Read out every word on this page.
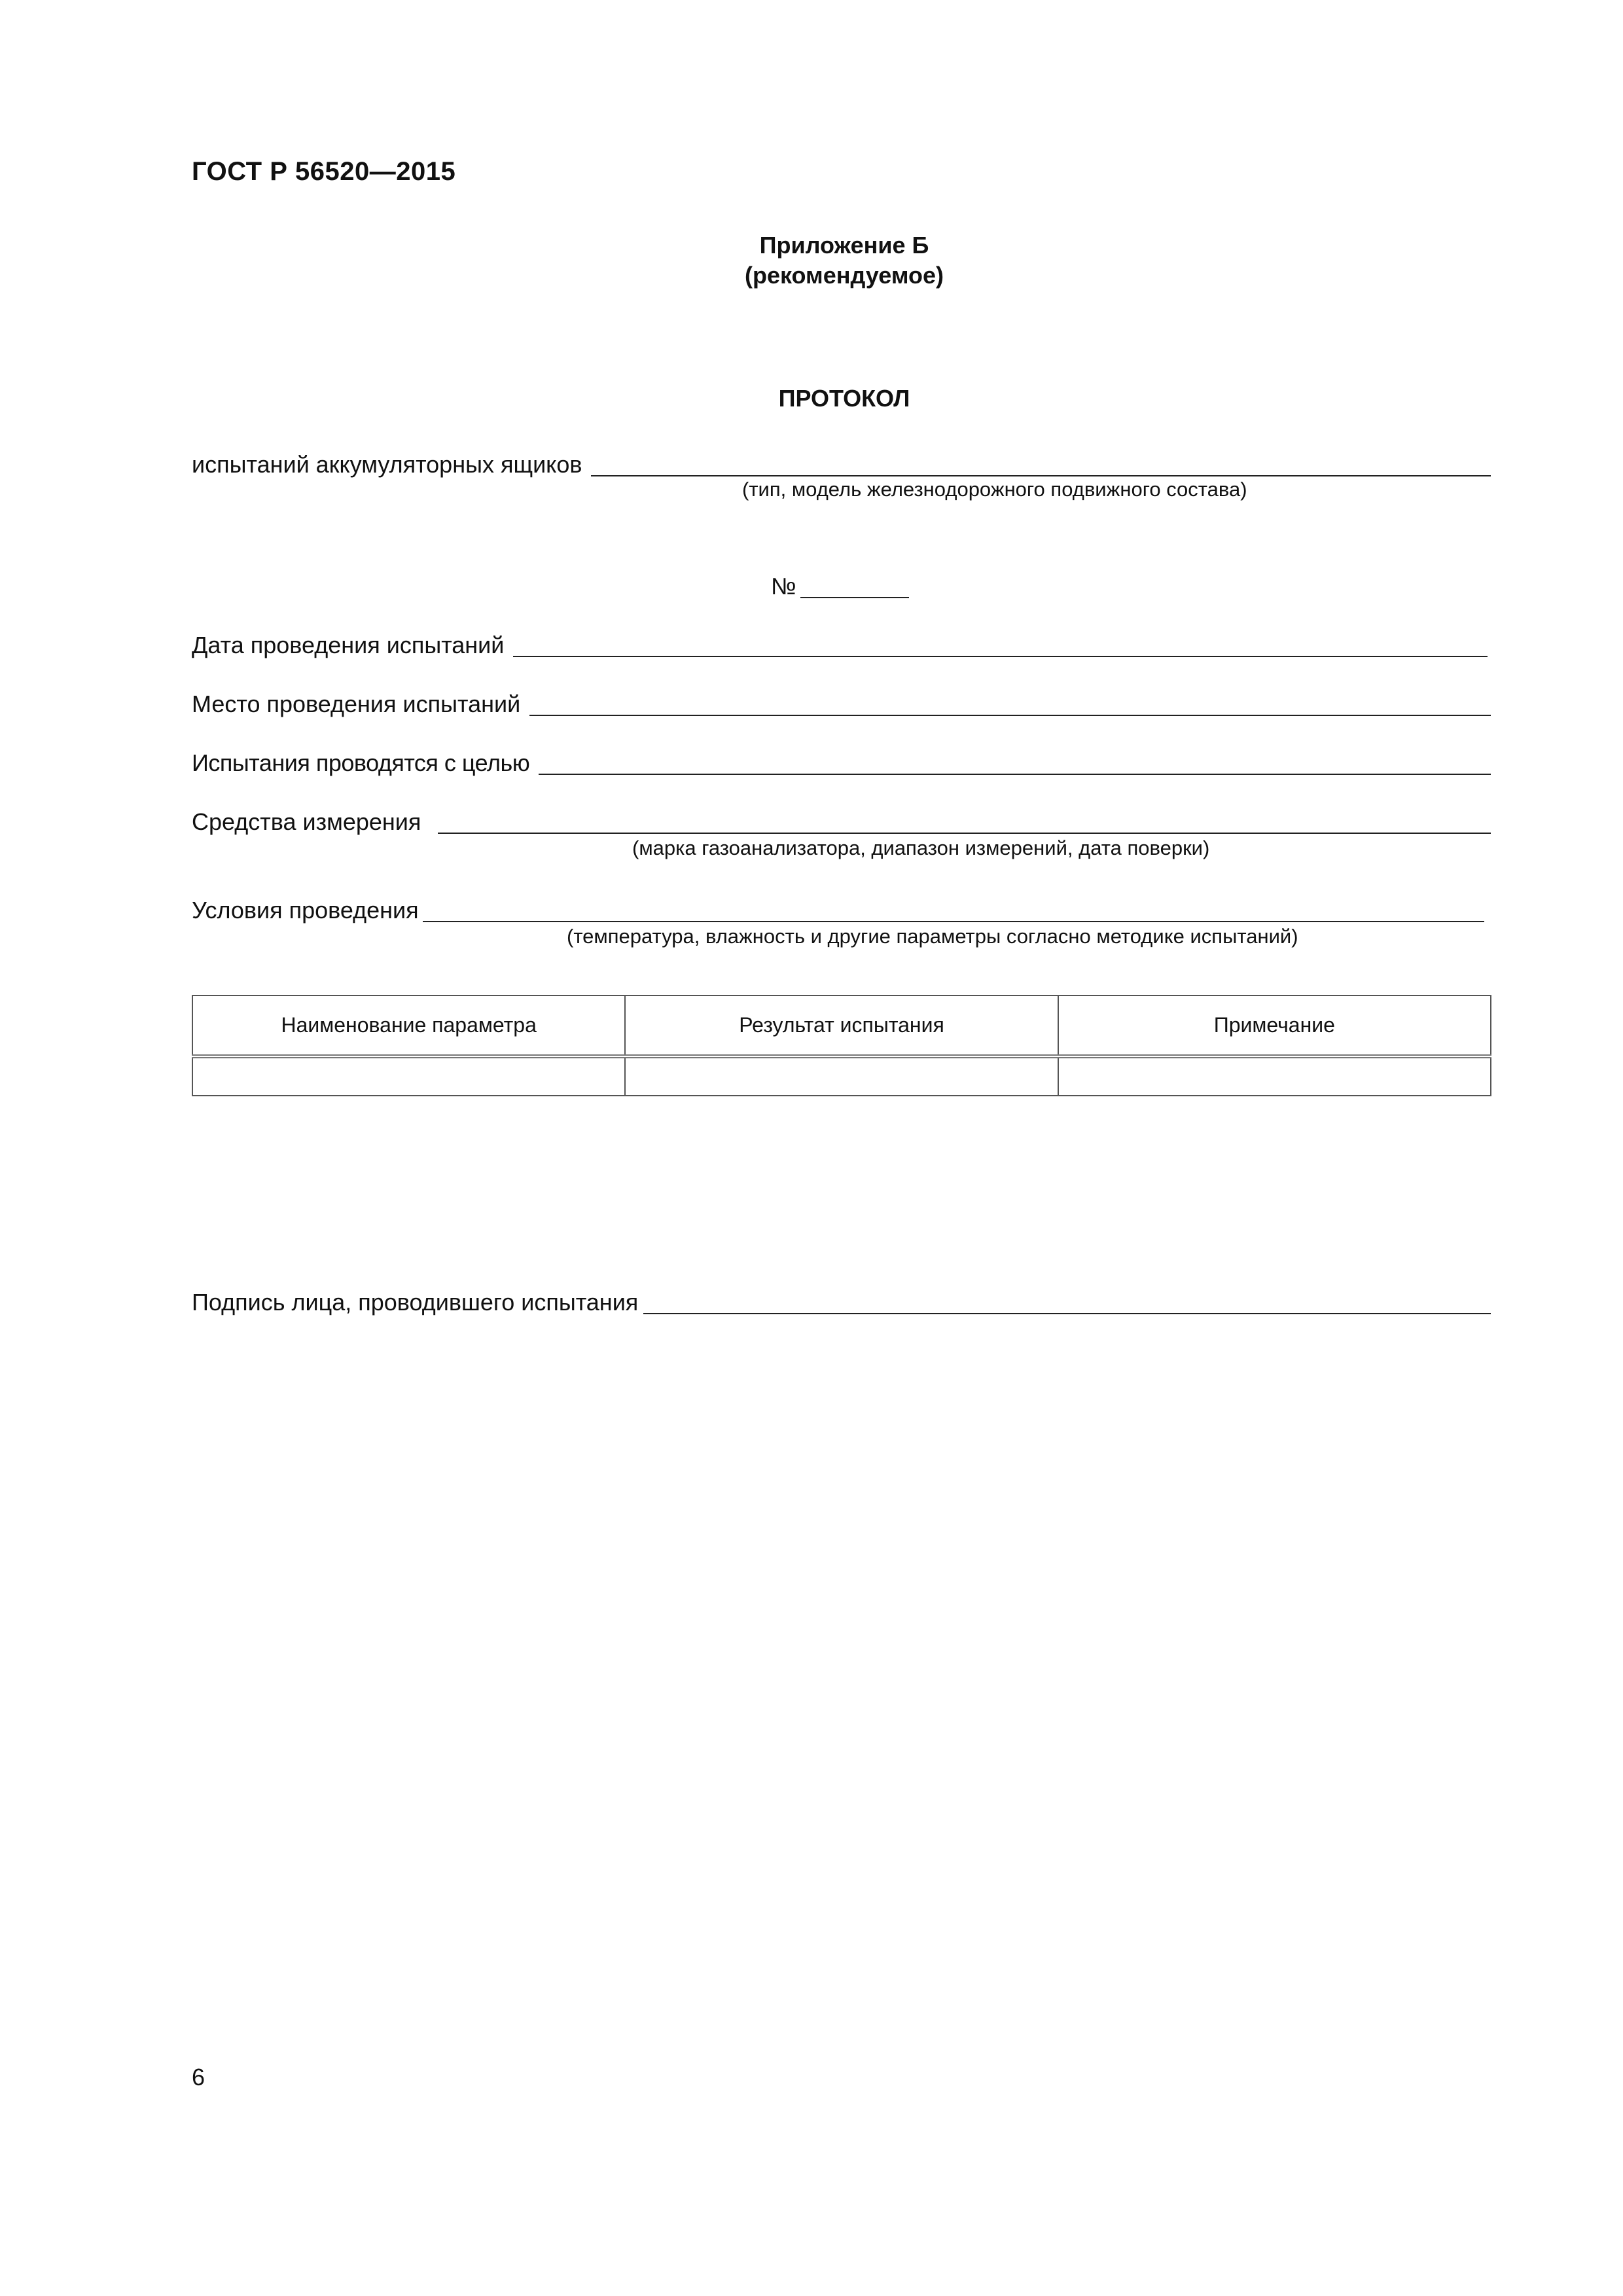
ГОСТ Р 56520—2015
Приложение Б
(рекомендуемое)
ПРОТОКОЛ
испытаний аккумуляторных ящиков
(тип, модель железнодорожного подвижного состава)
№
Дата проведения испытаний
Место проведения испытаний
Испытания проводятся с целью
Средства измерения
(марка газоанализатора, диапазон измерений, дата поверки)
Условия проведения
(температура, влажность и другие параметры согласно методике испытаний)
Наименование параметра	Результат испытания	Примечание

Подпись лица, проводившего испытания
6
